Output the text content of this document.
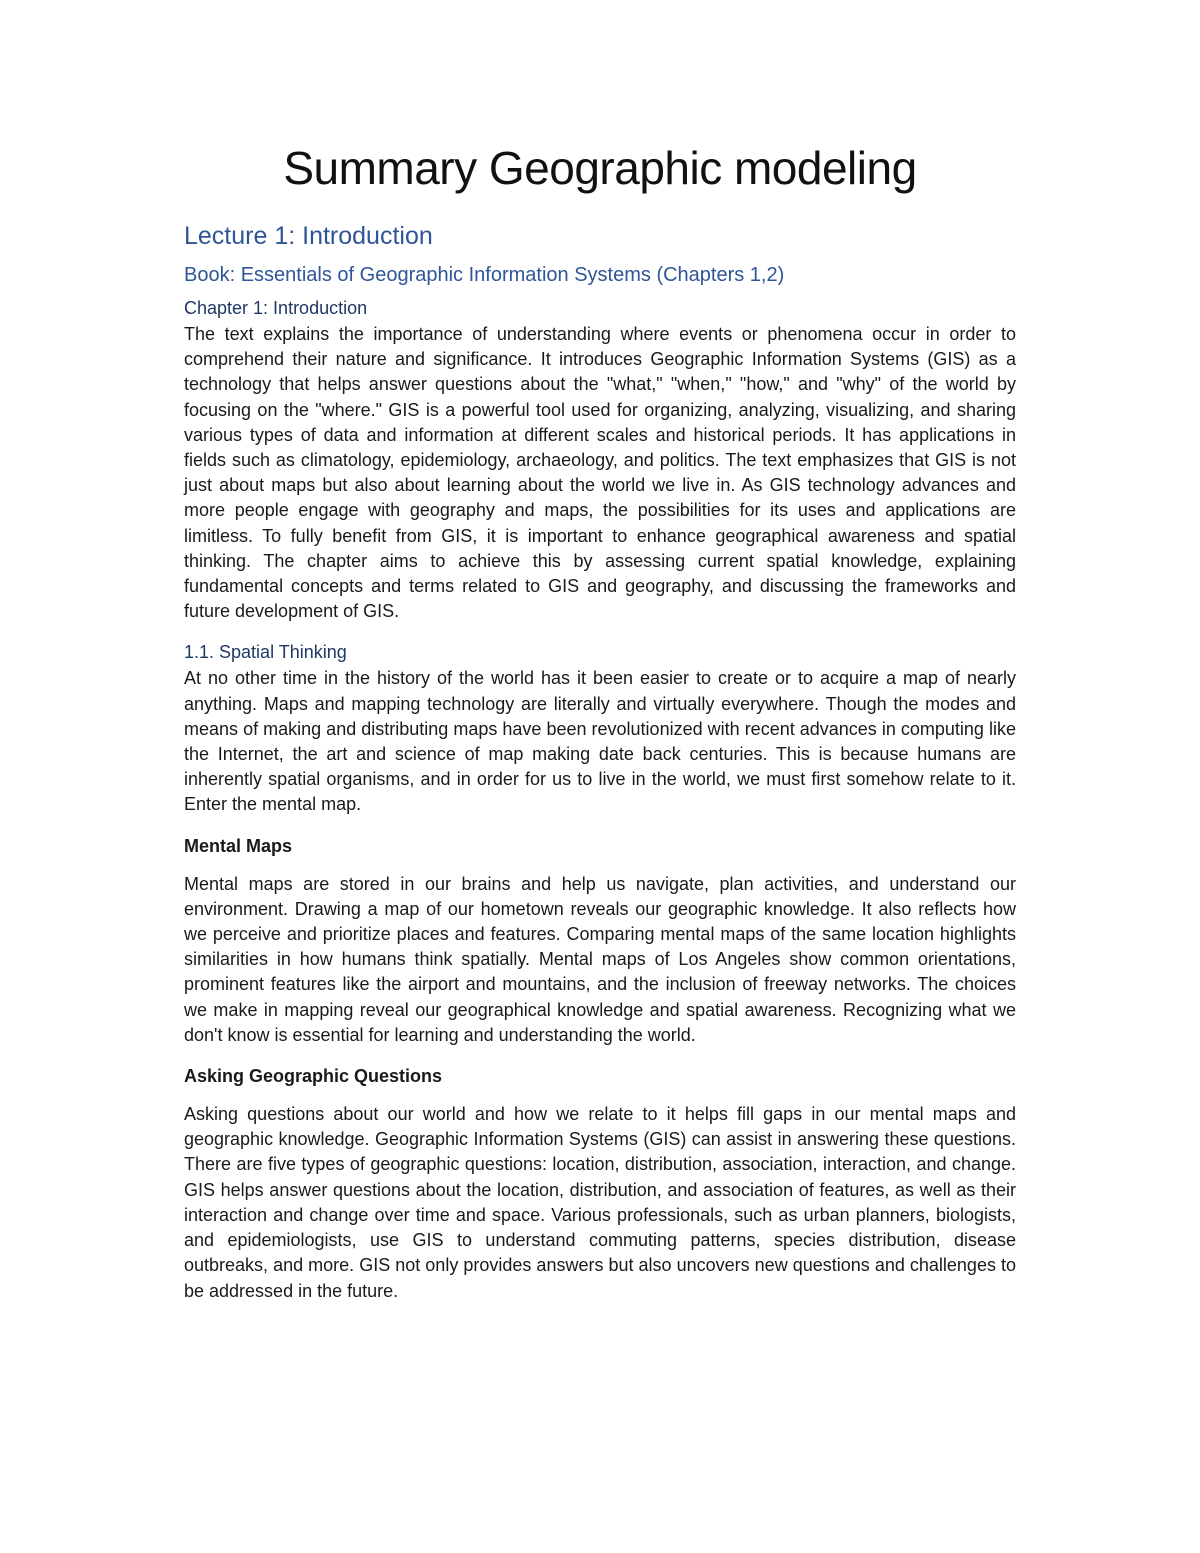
Summary Geographic modeling
Lecture 1: Introduction
Book: Essentials of Geographic Information Systems (Chapters 1,2)
Chapter 1: Introduction

The text explains the importance of understanding where events or phenomena occur in order to comprehend their nature and significance. It introduces Geographic Information Systems (GIS) as a technology that helps answer questions about the "what," "when," "how," and "why" of the world by focusing on the "where." GIS is a powerful tool used for organizing, analyzing, visualizing, and sharing various types of data and information at different scales and historical periods. It has applications in fields such as climatology, epidemiology, archaeology, and politics. The text emphasizes that GIS is not just about maps but also about learning about the world we live in. As GIS technology advances and more people engage with geography and maps, the possibilities for its uses and applications are limitless. To fully benefit from GIS, it is important to enhance geographical awareness and spatial thinking. The chapter aims to achieve this by assessing current spatial knowledge, explaining fundamental concepts and terms related to GIS and geography, and discussing the frameworks and future development of GIS.

1.1. Spatial Thinking

At no other time in the history of the world has it been easier to create or to acquire a map of nearly anything. Maps and mapping technology are literally and virtually everywhere. Though the modes and means of making and distributing maps have been revolutionized with recent advances in computing like the Internet, the art and science of map making date back centuries. This is because humans are inherently spatial organisms, and in order for us to live in the world, we must first somehow relate to it. Enter the mental map.

Mental Maps

Mental maps are stored in our brains and help us navigate, plan activities, and understand our environment. Drawing a map of our hometown reveals our geographic knowledge. It also reflects how we perceive and prioritize places and features. Comparing mental maps of the same location highlights similarities in how humans think spatially. Mental maps of Los Angeles show common orientations, prominent features like the airport and mountains, and the inclusion of freeway networks. The choices we make in mapping reveal our geographical knowledge and spatial awareness. Recognizing what we don't know is essential for learning and understanding the world.

Asking Geographic Questions

Asking questions about our world and how we relate to it helps fill gaps in our mental maps and geographic knowledge. Geographic Information Systems (GIS) can assist in answering these questions. There are five types of geographic questions: location, distribution, association, interaction, and change. GIS helps answer questions about the location, distribution, and association of features, as well as their interaction and change over time and space. Various professionals, such as urban planners, biologists, and epidemiologists, use GIS to understand commuting patterns, species distribution, disease outbreaks, and more. GIS not only provides answers but also uncovers new questions and challenges to be addressed in the future.
